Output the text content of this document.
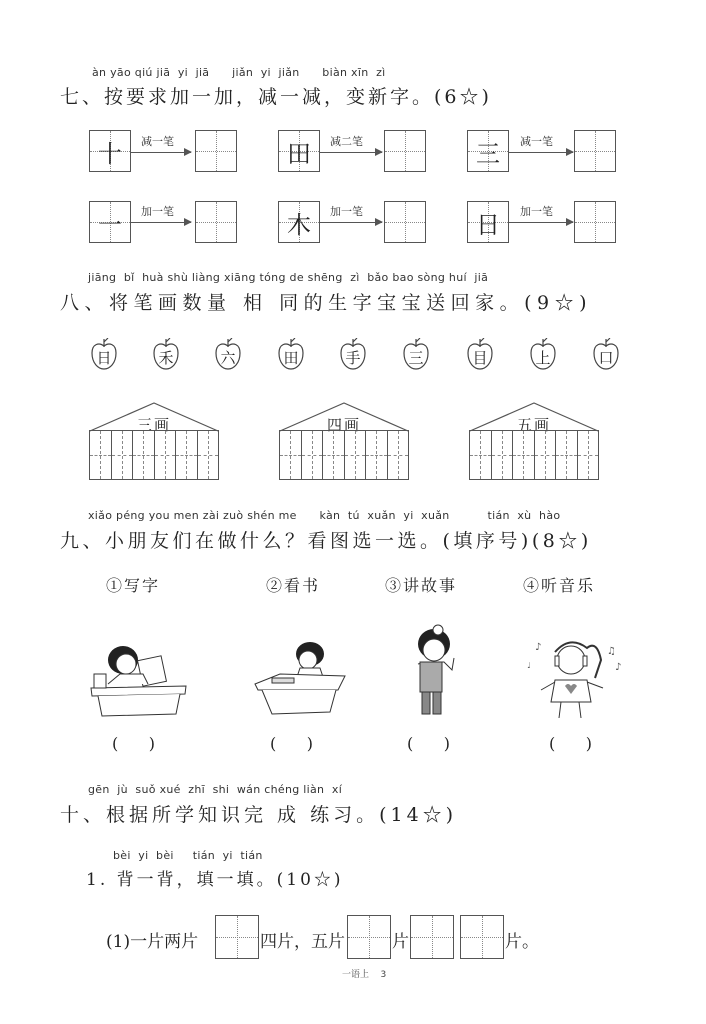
àn yāo qiú jiā  yi  jiā      jiǎn  yi  jiǎn      biàn xīn  zì
七、按要求加一加，减一减，变新字。(6☆)
十	减一笔	田	减二笔	三	减一笔
一	加一笔	木	加一笔	日	加一笔
jiāng  bǐ  huà shù liàng xiāng tóng de shēng  zì  bǎo bao sòng huí  jiā
八、将笔画数量 相 同的生字宝宝送回家。(9☆)
日	禾	六	田	手	三	目	上	口
三画	四画	五画
xiǎo péng you men zài zuò shén me      kàn  tú  xuǎn  yi  xuǎn          tián  xù  hào
九、小朋友们在做什么？看图选一选。(填序号)(8☆)
①写字	②看书	③讲故事	④听音乐
♪	♫
♪
♩
(      )	(      )	(      )	(      )
gēn  jù  suǒ xué  zhī  shi  wán chéng liàn  xí
十、根据所学知识完 成 练习。(14☆)
bèi  yi  bèi     tián  yi  tián
1. 背一背，填一填。(10☆)
(1)一片两片	四片，五片	片	片。
一语上    3
